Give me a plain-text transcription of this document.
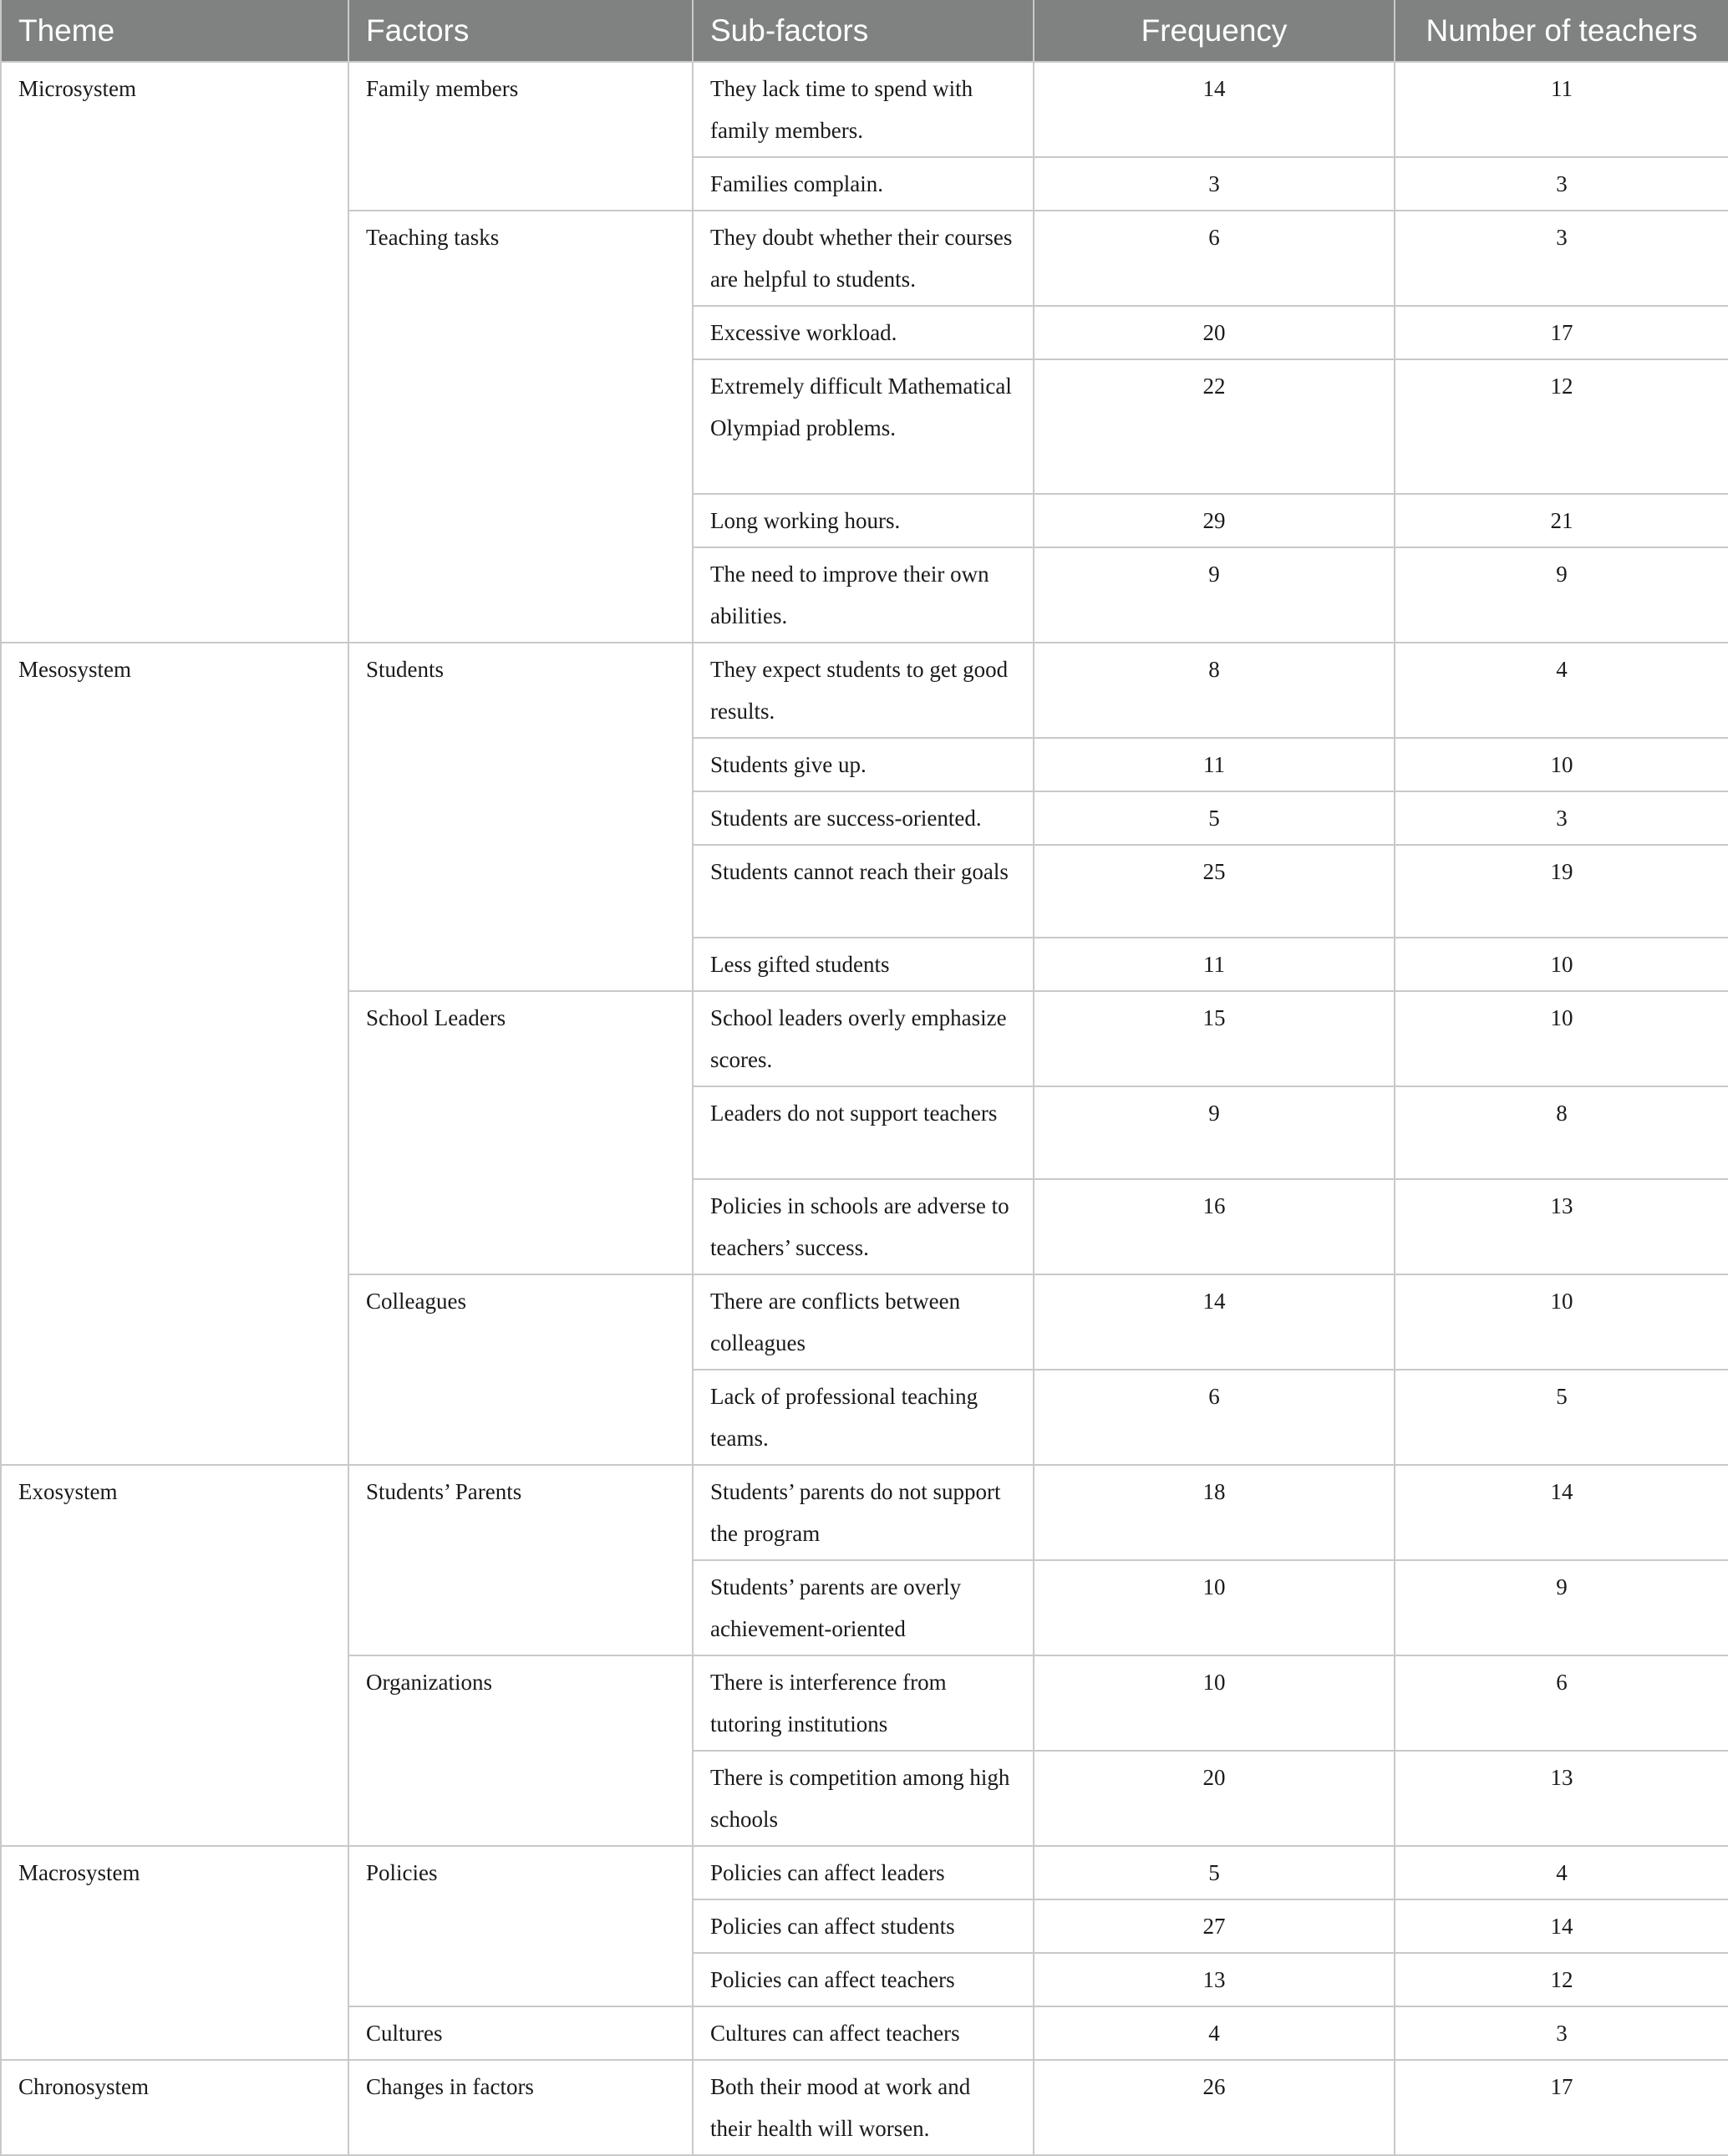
Theme	Factors	Sub-factors	Frequency	Number of teachers
Microsystem	Family members	They lack time to spend with family members.	14	11
		Families complain.	3	3
	Teaching tasks	They doubt whether their courses are helpful to students.	6	3
		Excessive workload.	20	17
		Extremely difficult Mathematical Olympiad problems.	22	12
		Long working hours.	29	21
		The need to improve their own abilities.	9	9
Mesosystem	Students	They expect students to get good results.	8	4
		Students give up.	11	10
		Students are success-oriented.	5	3
		Students cannot reach their goals	25	19
		Less gifted students	11	10
	School Leaders	School leaders overly emphasize scores.	15	10
		Leaders do not support teachers	9	8
		Policies in schools are adverse to teachers’ success.	16	13
	Colleagues	There are conflicts between colleagues	14	10
		Lack of professional teaching teams.	6	5
Exosystem	Students’ Parents	Students’ parents do not support the program	18	14
		Students’ parents are overly achievement-oriented	10	9
	Organizations	There is interference from tutoring institutions	10	6
		There is competition among high schools	20	13
Macrosystem	Policies	Policies can affect leaders	5	4
		Policies can affect students	27	14
		Policies can affect teachers	13	12
	Cultures	Cultures can affect teachers	4	3
Chronosystem	Changes in factors	Both their mood at work and their health will worsen.	26	17
